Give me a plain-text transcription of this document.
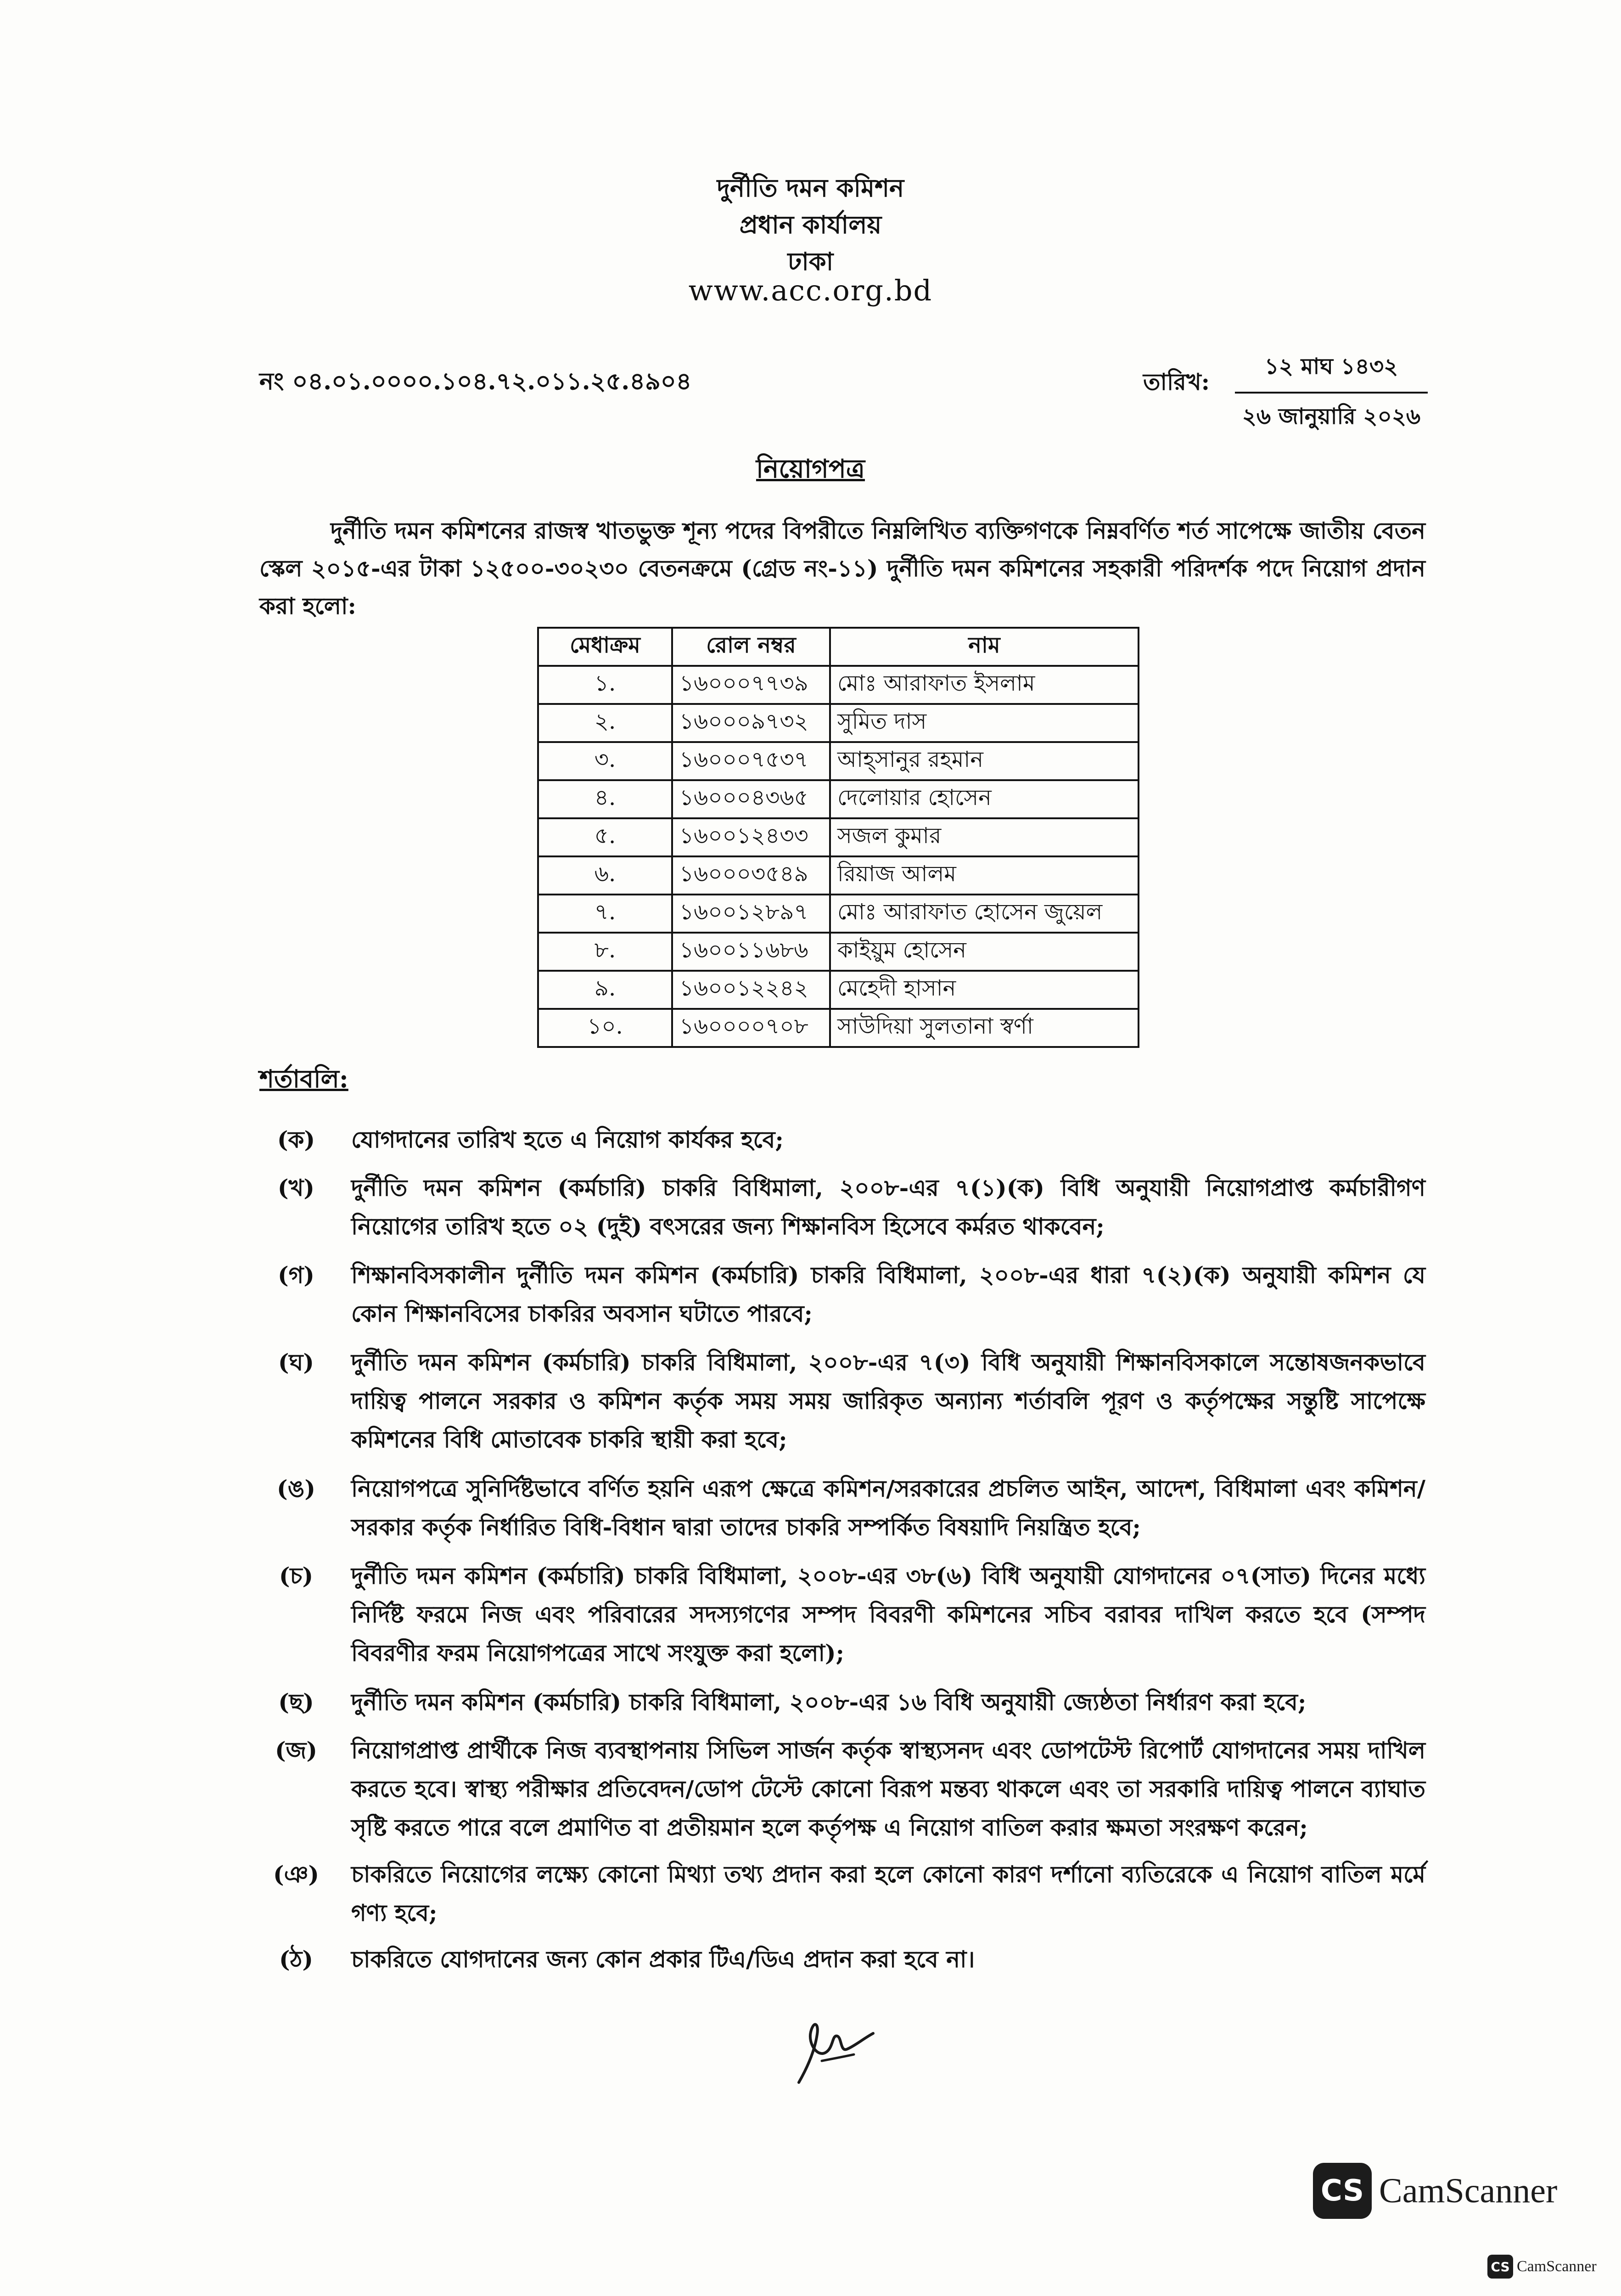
দুর্নীতি দমন কমিশন
প্রধান কার্যালয়
ঢাকা
www.acc.org.bd
নং ০৪.০১.০০০০.১০৪.৭২.০১১.২৫.৪৯০৪	তারিখ:
১২ মাঘ ১৪৩২
২৬ জানুয়ারি ২০২৬
নিয়োগপত্র
দুর্নীতি দমন কমিশনের রাজস্ব খাতভুক্ত শূন্য পদের বিপরীতে নিম্নলিখিত ব্যক্তিগণকে নিম্নবর্ণিত শর্ত সাপেক্ষে জাতীয় বেতন স্কেল ২০১৫-এর টাকা ১২৫০০-৩০২৩০ বেতনক্রমে (গ্রেড নং-১১) দুর্নীতি দমন কমিশনের সহকারী পরিদর্শক পদে নিয়োগ প্রদান করা হলো:
মেধাক্রম	রোল নম্বর	নাম
১.	১৬০০০৭৭৩৯	মোঃ আরাফাত ইসলাম
২.	১৬০০০৯৭৩২	সুমিত দাস
৩.	১৬০০০৭৫৩৭	আহ্সানুর রহমান
৪.	১৬০০০৪৩৬৫	দেলোয়ার হোসেন
৫.	১৬০০১২৪৩৩	সজল কুমার
৬.	১৬০০০৩৫৪৯	রিয়াজ আলম
৭.	১৬০০১২৮৯৭	মোঃ আরাফাত হোসেন জুয়েল
৮.	১৬০০১১৬৮৬	কাইয়ুম হোসেন
৯.	১৬০০১২২৪২	মেহেদী হাসান
১০.	১৬০০০০৭০৮	সাউদিয়া সুলতানা স্বর্ণা
শর্তাবলি:
(ক)	যোগদানের তারিখ হতে এ নিয়োগ কার্যকর হবে;
(খ)	দুর্নীতি দমন কমিশন (কর্মচারি) চাকরি বিধিমালা, ২০০৮-এর ৭(১)(ক) বিধি অনুযায়ী নিয়োগপ্রাপ্ত কর্মচারীগণ নিয়োগের তারিখ হতে ০২ (দুই) বৎসরের জন্য শিক্ষানবিস হিসেবে কর্মরত থাকবেন;
(গ)	শিক্ষানবিসকালীন দুর্নীতি দমন কমিশন (কর্মচারি) চাকরি বিধিমালা, ২০০৮-এর ধারা ৭(২)(ক) অনুযায়ী কমিশন যে কোন শিক্ষানবিসের চাকরির অবসান ঘটাতে পারবে;
(ঘ)	দুর্নীতি দমন কমিশন (কর্মচারি) চাকরি বিধিমালা, ২০০৮-এর ৭(৩) বিধি অনুযায়ী শিক্ষানবিসকালে সন্তোষজনকভাবে দায়িত্ব পালনে সরকার ও কমিশন কর্তৃক সময় সময় জারিকৃত অন্যান্য শর্তাবলি পূরণ ও কর্তৃপক্ষের সন্তুষ্টি সাপেক্ষে কমিশনের বিধি মোতাবেক চাকরি স্থায়ী করা হবে;
(ঙ)	নিয়োগপত্রে সুনির্দিষ্টভাবে বর্ণিত হয়নি এরূপ ক্ষেত্রে কমিশন/সরকারের প্রচলিত আইন, আদেশ, বিধিমালা এবং কমিশন/ সরকার কর্তৃক নির্ধারিত বিধি-বিধান দ্বারা তাদের চাকরি সম্পর্কিত বিষয়াদি নিয়ন্ত্রিত হবে;
(চ)	দুর্নীতি দমন কমিশন (কর্মচারি) চাকরি বিধিমালা, ২০০৮-এর ৩৮(৬) বিধি অনুযায়ী যোগদানের ০৭(সাত) দিনের মধ্যে নির্দিষ্ট ফরমে নিজ এবং পরিবারের সদস্যগণের সম্পদ বিবরণী কমিশনের সচিব বরাবর দাখিল করতে হবে (সম্পদ বিবরণীর ফরম নিয়োগপত্রের সাথে সংযুক্ত করা হলো);
(ছ)	দুর্নীতি দমন কমিশন (কর্মচারি) চাকরি বিধিমালা, ২০০৮-এর ১৬ বিধি অনুযায়ী জ্যেষ্ঠতা নির্ধারণ করা হবে;
(জ)	নিয়োগপ্রাপ্ত প্রার্থীকে নিজ ব্যবস্থাপনায় সিভিল সার্জন কর্তৃক স্বাস্থ্যসনদ এবং ডোপটেস্ট রিপোর্ট যোগদানের সময় দাখিল করতে হবে। স্বাস্থ্য পরীক্ষার প্রতিবেদন/ডোপ টেস্টে কোনো বিরূপ মন্তব্য থাকলে এবং তা সরকারি দায়িত্ব পালনে ব্যাঘাত সৃষ্টি করতে পারে বলে প্রমাণিত বা প্রতীয়মান হলে কর্তৃপক্ষ এ নিয়োগ বাতিল করার ক্ষমতা সংরক্ষণ করেন;
(ঞ)	চাকরিতে নিয়োগের লক্ষ্যে কোনো মিথ্যা তথ্য প্রদান করা হলে কোনো কারণ দর্শানো ব্যতিরেকে এ নিয়োগ বাতিল মর্মে গণ্য হবে;
(ঠ)	চাকরিতে যোগদানের জন্য কোন প্রকার টিএ/ডিএ প্রদান করা হবে না।
CS CamScanner
CS CamScanner
